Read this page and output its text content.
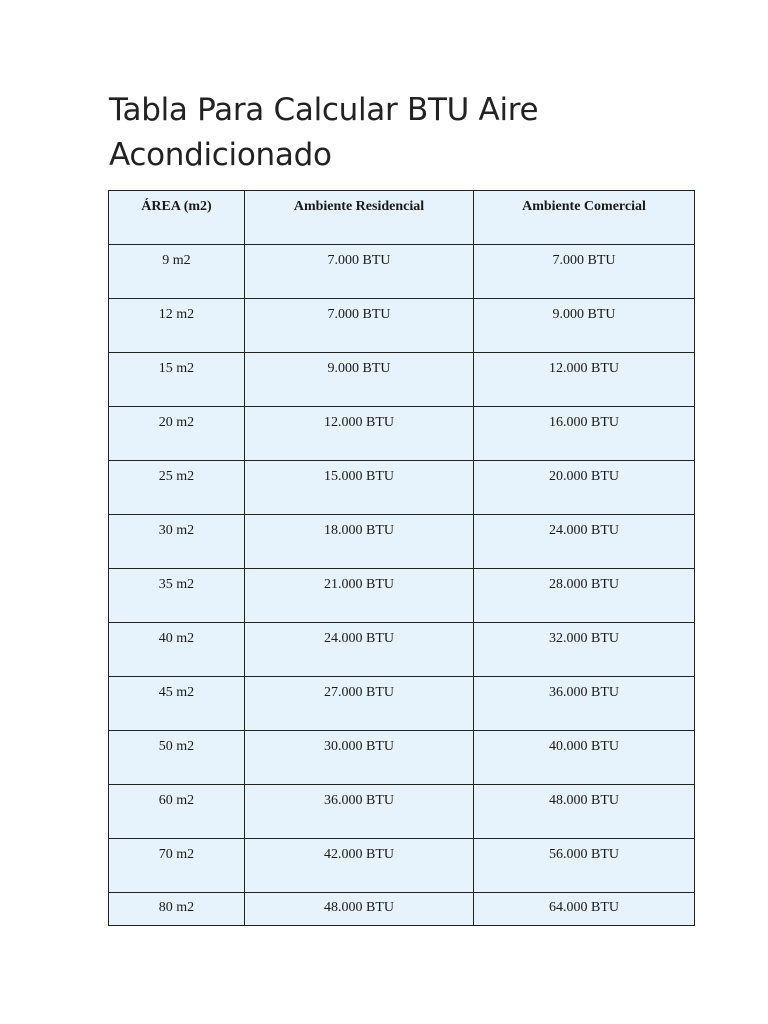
Tabla Para Calcular BTU Aire Acondicionado
ÁREA (m2)	Ambiente Residencial	Ambiente Comercial
9 m2	7.000 BTU	7.000 BTU
12 m2	7.000 BTU	9.000 BTU
15 m2	9.000 BTU	12.000 BTU
20 m2	12.000 BTU	16.000 BTU
25 m2	15.000 BTU	20.000 BTU
30 m2	18.000 BTU	24.000 BTU
35 m2	21.000 BTU	28.000 BTU
40 m2	24.000 BTU	32.000 BTU
45 m2	27.000 BTU	36.000 BTU
50 m2	30.000 BTU	40.000 BTU
60 m2	36.000 BTU	48.000 BTU
70 m2	42.000 BTU	56.000 BTU
80 m2	48.000 BTU	64.000 BTU
